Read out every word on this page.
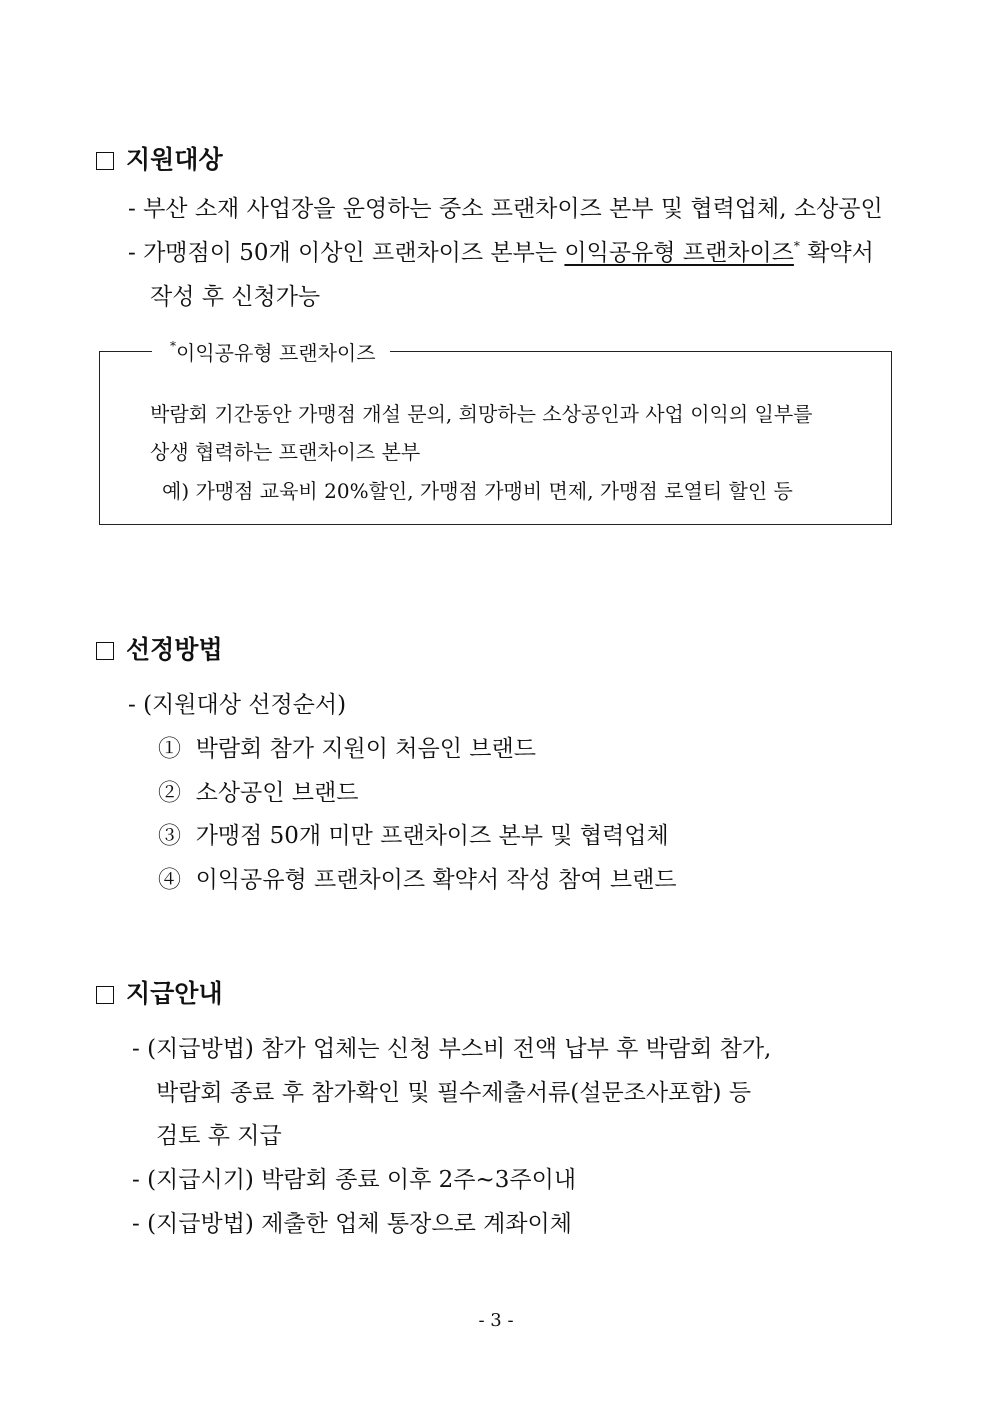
지원대상
- 부산 소재 사업장을 운영하는 중소 프랜차이즈 본부 및 협력업체, 소상공인
- 가맹점이 50개 이상인 프랜차이즈 본부는 이익공유형 프랜차이즈* 확약서
작성 후 신청가능
*이익공유형 프랜차이즈
박람회 기간동안 가맹점 개설 문의, 희망하는 소상공인과 사업 이익의 일부를
상생 협력하는 프랜차이즈 본부
예) 가맹점 교육비 20%할인, 가맹점 가맹비 면제, 가맹점 로열티 할인 등
선정방법
- (지원대상 선정순서)
① 박람회 참가 지원이 처음인 브랜드
② 소상공인 브랜드
③ 가맹점 50개 미만 프랜차이즈 본부 및 협력업체
④ 이익공유형 프랜차이즈 확약서 작성 참여 브랜드
지급안내
- (지급방법) 참가 업체는 신청 부스비 전액 납부 후 박람회 참가,
박람회 종료 후 참가확인 및 필수제출서류(설문조사포함) 등
검토 후 지급
- (지급시기) 박람회 종료 이후 2주~3주이내
- (지급방법) 제출한 업체 통장으로 계좌이체
- 3 -
